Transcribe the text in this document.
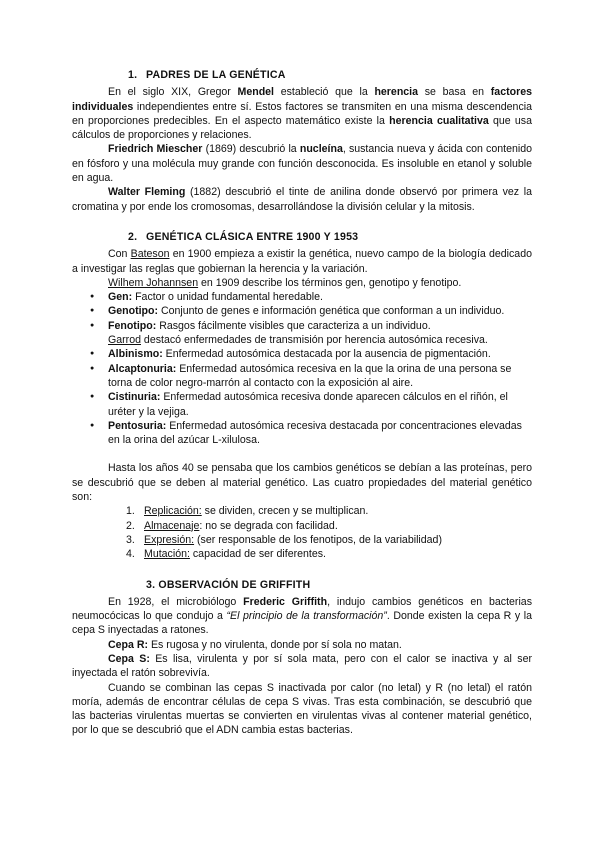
1. PADRES DE LA GENÉTICA

En el siglo XIX, Gregor Mendel estableció que la herencia se basa en factores individuales independientes entre sí. Estos factores se transmiten en una misma descendencia en proporciones predecibles. En el aspecto matemático existe la herencia cualitativa que usa cálculos de proporciones y relaciones.

Friedrich Miescher (1869) descubrió la nucleína, sustancia nueva y ácida con contenido en fósforo y una molécula muy grande con función desconocida. Es insoluble en etanol y soluble en agua.

Walter Fleming (1882) descubrió el tinte de anilina donde observó por primera vez la cromatina y por ende los cromosomas, desarrollándose la división celular y la mitosis.

2. GENÉTICA CLÁSICA ENTRE 1900 Y 1953

Con Bateson en 1900 empieza a existir la genética, nuevo campo de la biología dedicado a investigar las reglas que gobiernan la herencia y la variación.

Wilhem Johannsen en 1909 describe los términos gen, genotipo y fenotipo.

● Gen: Factor o unidad fundamental heredable.
● Genotipo: Conjunto de genes e información genética que conforman a un individuo.
● Fenotipo: Rasgos fácilmente visibles que caracteriza a un individuo.

Garrod destacó enfermedades de transmisión por herencia autosómica recesiva.

● Albinismo: Enfermedad autosómica destacada por la ausencia de pigmentación.
● Alcaptonuria: Enfermedad autosómica recesiva en la que la orina de una persona se torna de color negro-marrón al contacto con la exposición al aire.
● Cistinuria: Enfermedad autosómica recesiva donde aparecen cálculos en el riñón, el uréter y la vejiga.
● Pentosuria: Enfermedad autosómica recesiva destacada por concentraciones elevadas en la orina del azúcar L-xilulosa.

Hasta los años 40 se pensaba que los cambios genéticos se debían a las proteínas, pero se descubrió que se deben al material genético. Las cuatro propiedades del material genético son:

1. Replicación: se dividen, crecen y se multiplican.
2. Almacenaje: no se degrada con facilidad.
3. Expresión: (ser responsable de los fenotipos, de la variabilidad)
4. Mutación: capacidad de ser diferentes.
3. OBSERVACIÓN DE GRIFFITH

En 1928, el microbiólogo Frederic Griffith, indujo cambios genéticos en bacterias neumocócicas lo que condujo a “El principio de la transformación”. Donde existen la cepa R y la cepa S inyectadas a ratones.

Cepa R: Es rugosa y no virulenta, donde por sí sola no matan.

Cepa S: Es lisa, virulenta y por sí sola mata, pero con el calor se inactiva y al ser inyectada el ratón sobrevivía.

Cuando se combinan las cepas S inactivada por calor (no letal) y R (no letal) el ratón moría, además de encontrar células de cepa S vivas. Tras esta combinación, se descubrió que las bacterias virulentas muertas se convierten en virulentas vivas al contener material genético, por lo que se descubrió que el ADN cambia estas bacterias.
